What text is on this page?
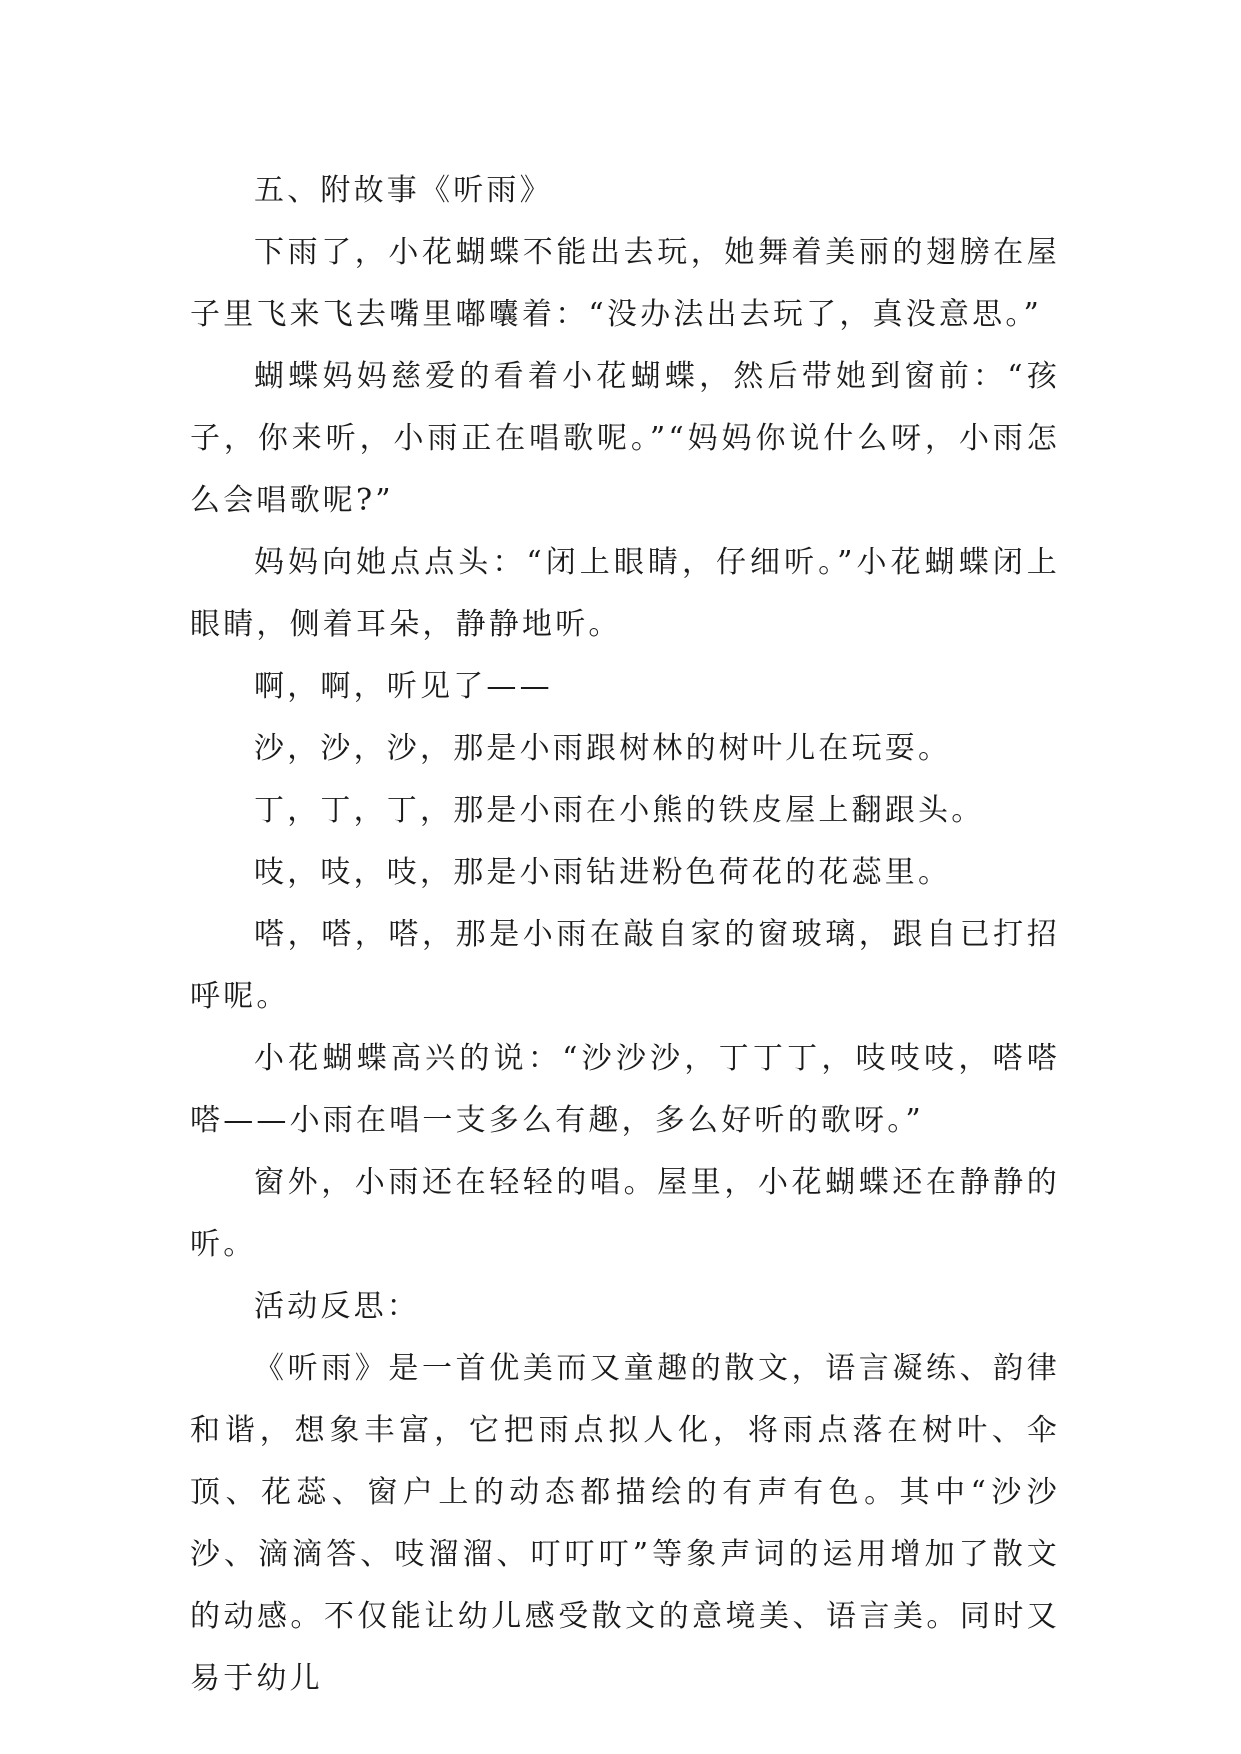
五、附故事《听雨》

下雨了，小花蝴蝶不能出去玩，她舞着美丽的翅膀在屋子里飞来飞去嘴里嘟囔着：“没办法出去玩了，真没意思。”

蝴蝶妈妈慈爱的看着小花蝴蝶，然后带她到窗前：“孩子，你来听，小雨正在唱歌呢。”“妈妈你说什么呀，小雨怎么会唱歌呢?”

妈妈向她点点头：“闭上眼睛，仔细听。”小花蝴蝶闭上眼睛，侧着耳朵，静静地听。

啊，啊，听见了——

沙，沙，沙，那是小雨跟树林的树叶儿在玩耍。

丁，丁，丁，那是小雨在小熊的铁皮屋上翻跟头。

吱，吱，吱，那是小雨钻进粉色荷花的花蕊里。

嗒，嗒，嗒，那是小雨在敲自家的窗玻璃，跟自已打招呼呢。

小花蝴蝶高兴的说：“沙沙沙，丁丁丁，吱吱吱，嗒嗒嗒——小雨在唱一支多么有趣，多么好听的歌呀。”

窗外，小雨还在轻轻的唱。屋里，小花蝴蝶还在静静的听。

活动反思：

《听雨》是一首优美而又童趣的散文，语言凝练、韵律和谐，想象丰富，它把雨点拟人化，将雨点落在树叶、伞顶、花蕊、窗户上的动态都描绘的有声有色。其中“沙沙沙、滴滴答、吱溜溜、叮叮叮”等象声词的运用增加了散文的动感。不仅能让幼儿感受散文的意境美、语言美。同时又易于幼儿
